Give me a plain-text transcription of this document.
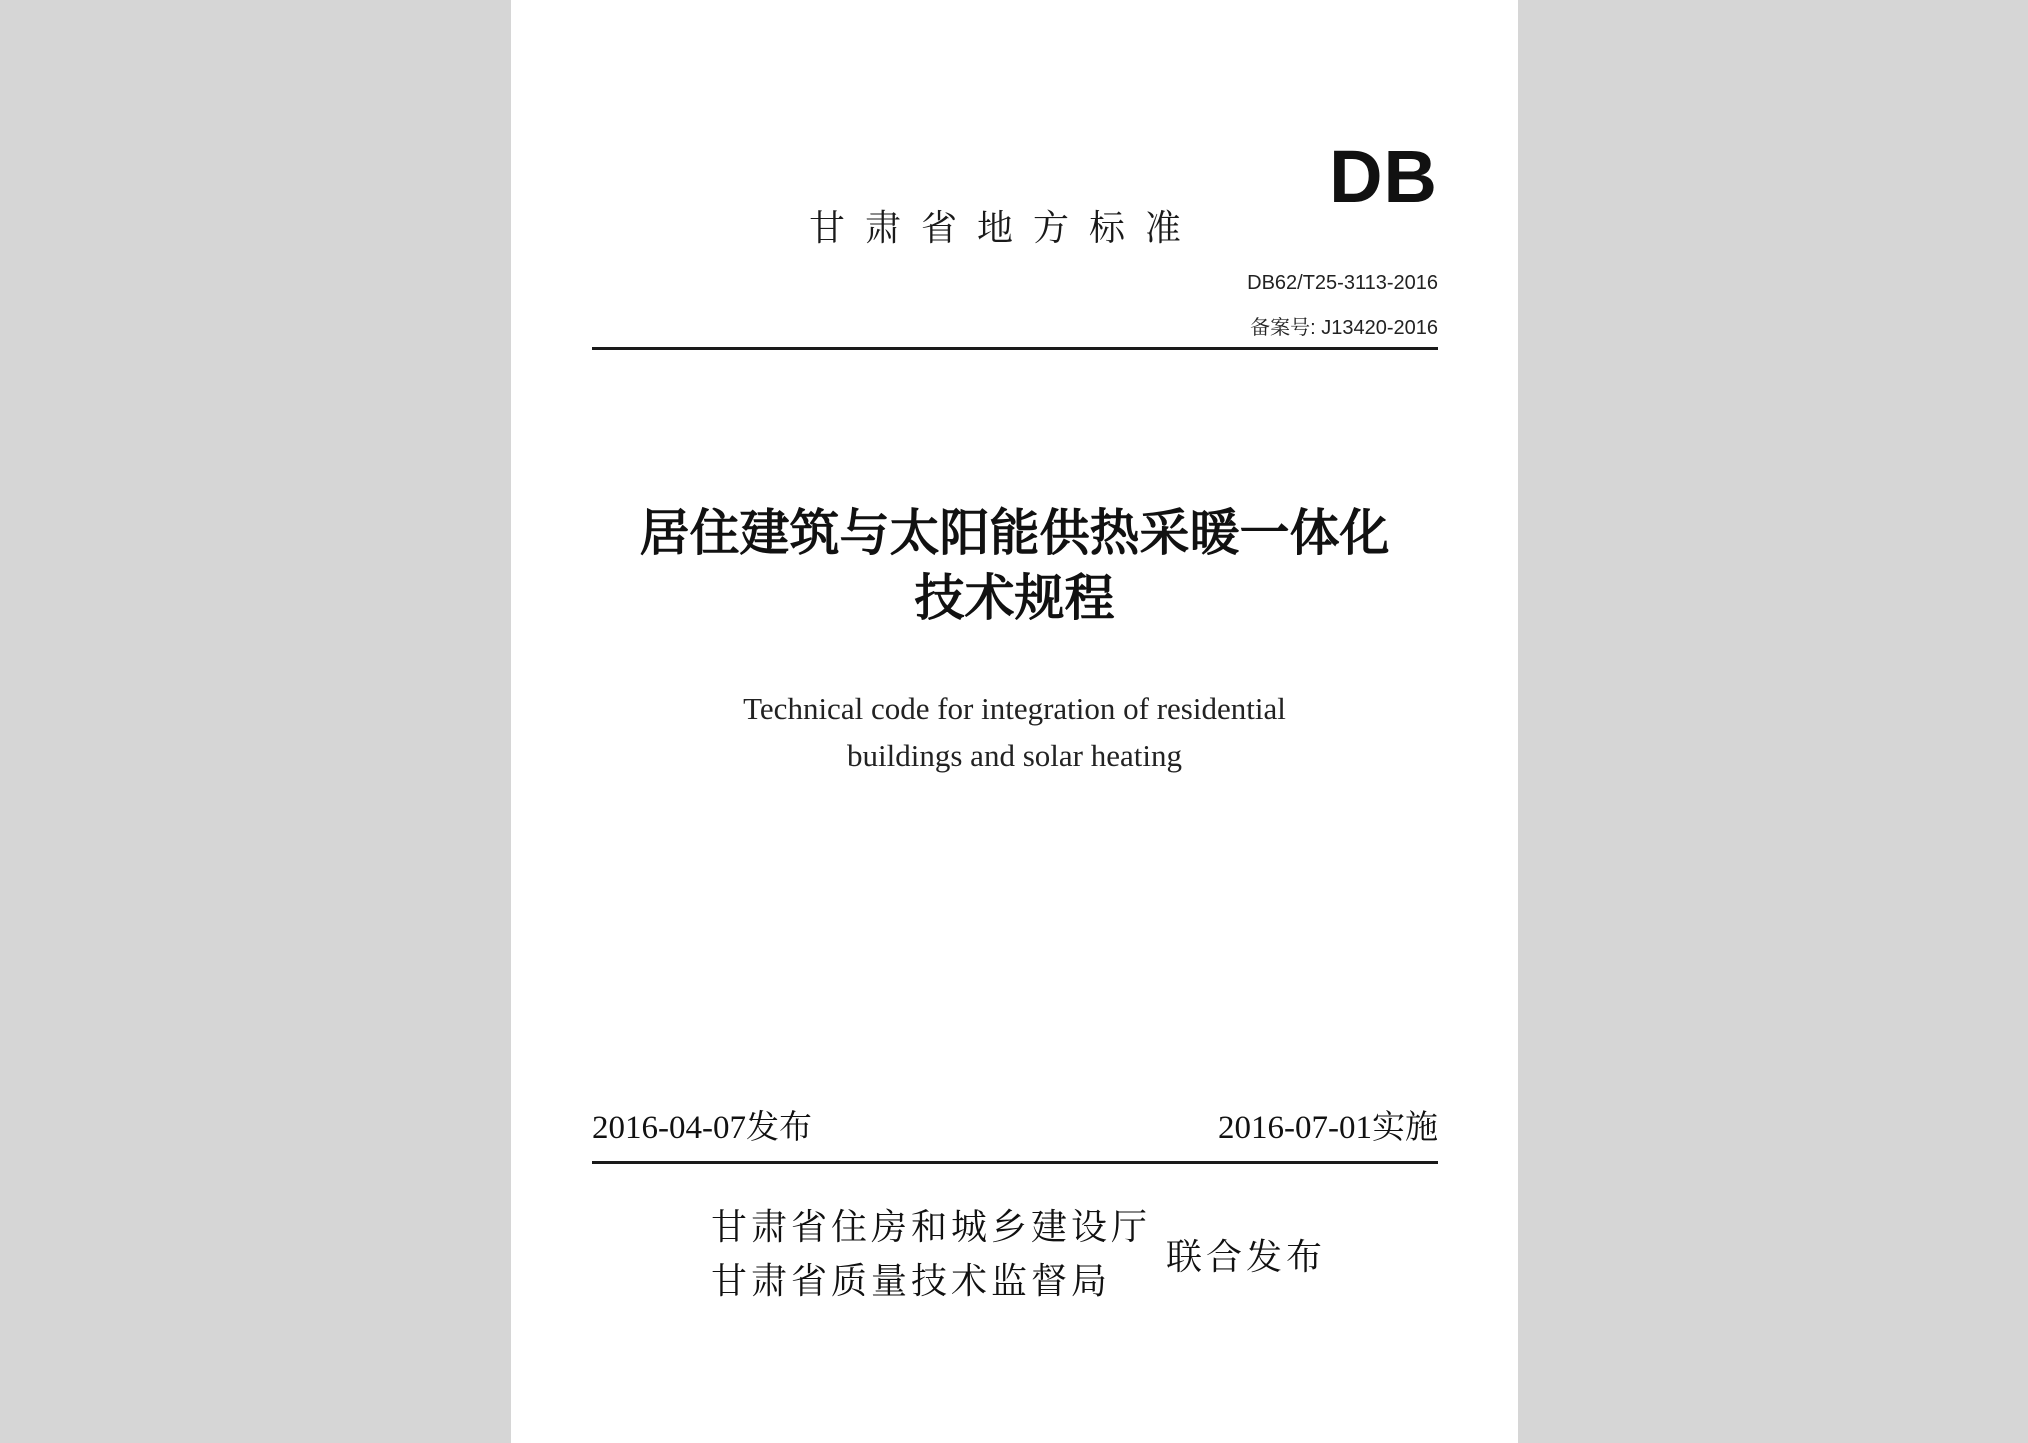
甘肃省地方标准
DB
DB62/T25-3113-2016
备案号: J13420-2016
居住建筑与太阳能供热采暖一体化
技术规程
Technical code for integration of residential
buildings and solar heating
2016-04-07发布	2016-07-01实施
甘肃省住房和城乡建设厅
甘肃省质量技术监督局
联合发布
